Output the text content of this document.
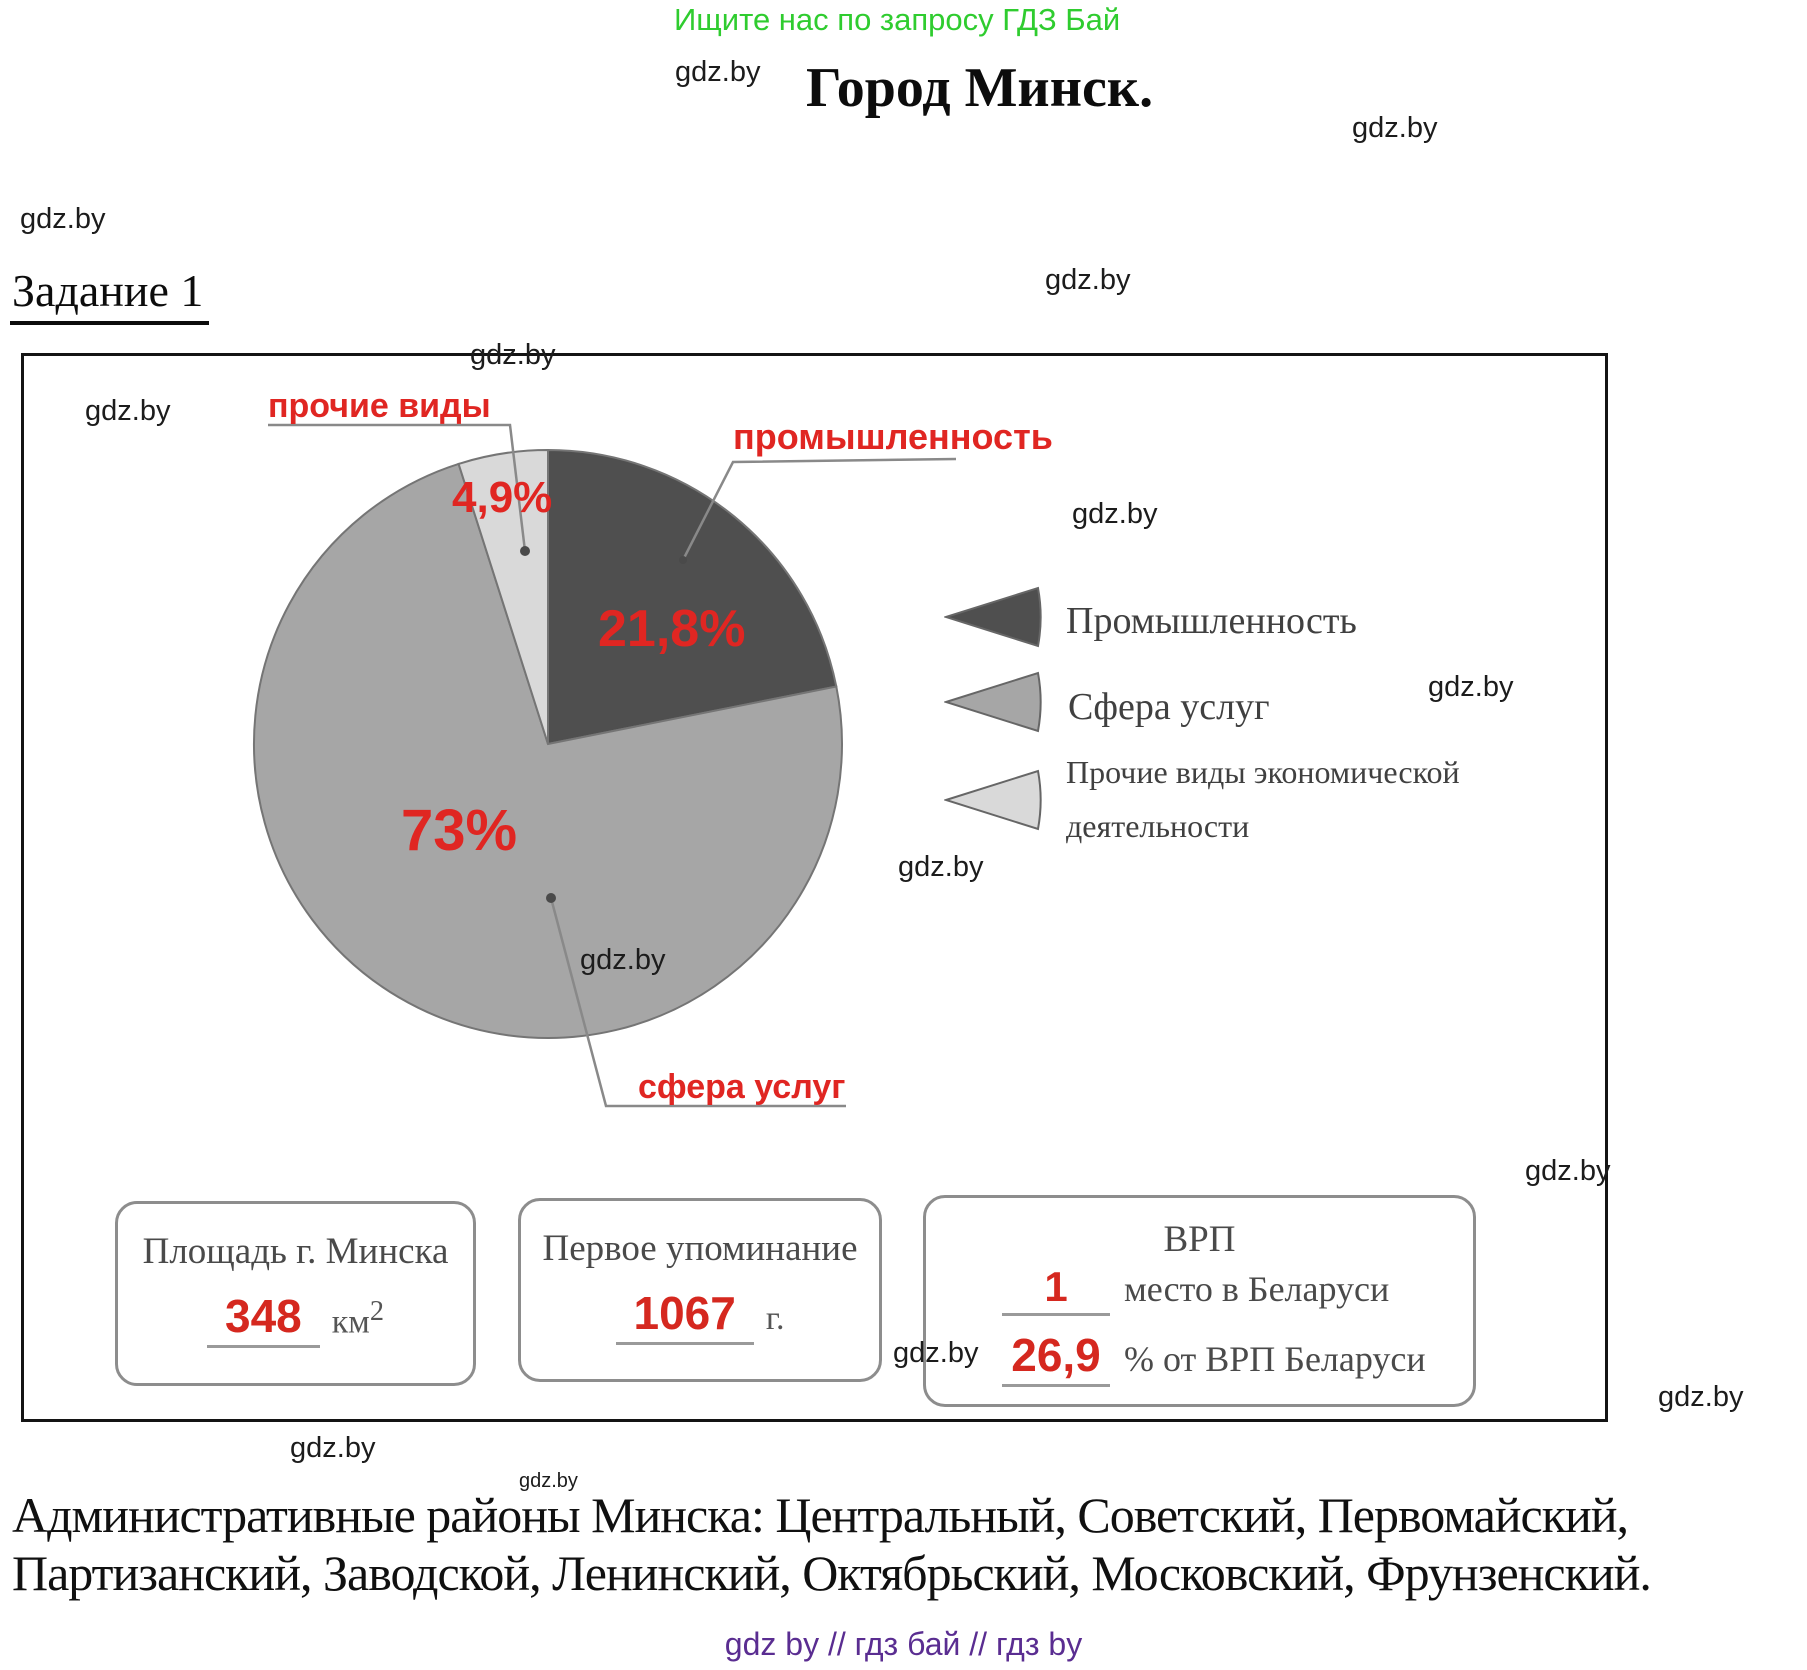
Ищите нас по запросу ГДЗ Бай
gdz.by Город Минск.
gdz.by
gdz.by
Задание 1	gdz.by
прочие виды
промышленность
4,9%
21,8%
73%
сфера услуг
Промышленность
Сфера услуг
Прочие виды экономической
деятельности
Площадь г. Минска
348 $км^2$
Первое упоминание
1067 г.
ВРП
1	место в Беларуси
26,9 % от ВРП Беларуси
gdz.by
gdz.by
gdz.by
gdz.by
gdz.by
gdz.by
gdz.by
gdz.by
gdz.by
gdz.by
gdz.by
Административные районы Минска: Центральный, Советский, Первомайский,
Партизанский, Заводской, Ленинский, Октябрьский, Московский, Фрунзенский.
gdz by // гдз бай // гдз by
